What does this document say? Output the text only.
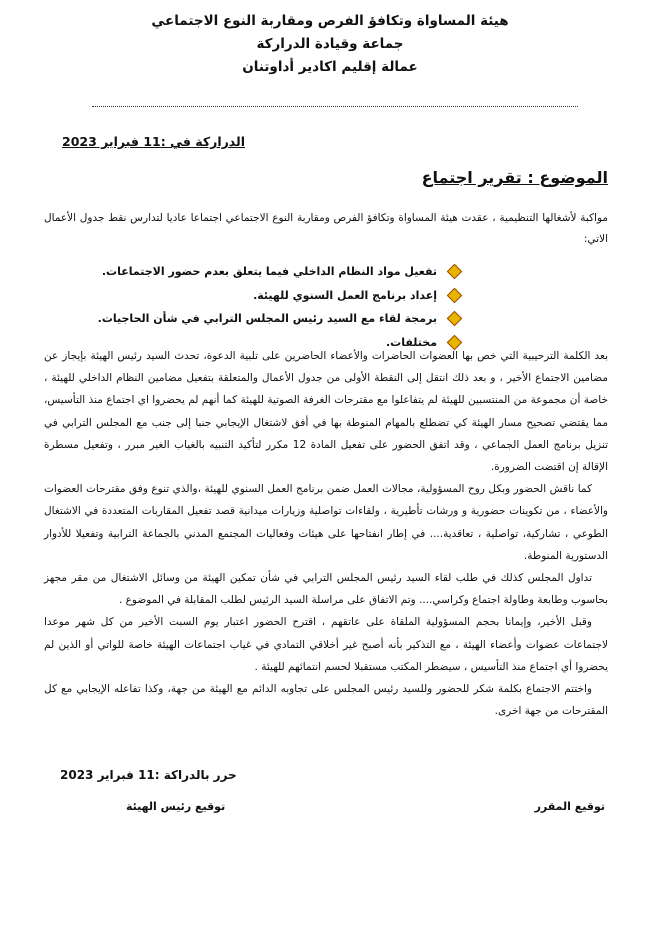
هيئة المساواة وتكافؤ الفرص ومقاربة النوع الاجتماعي
جماعة وقيادة الدراركة
عمالة إقليم اكادير أداوتنان
الدراركة في :11 فبراير 2023
الموضوع : تقرير اجتماع
مواكبة لأشغالها التنظيمية ، عقدت هيئة المساواة وتكافؤ الفرص ومقاربة النوع الاجتماعي اجتماعا عاديا لتدارس نقط جدول الأعمال الاتي:
تفعيل مواد النظام الداخلي فيما يتعلق بعدم حضور الاجتماعات.
إعداد برنامج العمل السنوي للهيئة.
برمجة لقاء مع السيد رئيس المجلس الترابي في شأن الحاجيات.
مختلفات.

بعد الكلمة الترحيبية التي خص بها العضوات الحاضرات والأعضاء الحاضرين على تلبية الدعوة، تحدث السيد رئيس الهيئة بإيجاز عن مضامين الاجتماع الأخير ، و بعد ذلك انتقل إلى النقطة الأولى من جدول الأعمال والمتعلقة بتفعيل مضامين النظام الداخلي للهيئة ، خاصة أن مجموعة من المنتسبين للهيئة لم يتفاعلوا مع مقترحات الغرفة الصوتية للهيئة كما أنهم لم يحضروا اي اجتماع منذ التأسيس، مما يقتضي تصحيح مسار الهيئة كي تضطلع بالمهام المنوطة بها في أفق لاشتغال الإيجابي جنبا إلى جنب مع المجلس الترابي في تنزيل برنامج العمل الجماعي ، وقد اتفق الحضور على تفعيل المادة 12 مكرر لتأكيد التنبيه بالغياب الغير مبرر ، وتفعيل مسطرة الإقالة إن اقتضت الضرورة.

كما ناقش الحضور وبكل روح المسؤولية، مجالات العمل ضمن برنامج العمل السنوي للهيئة ،والذي تنوع وفق مقترحات العضوات والأعضاء ، من تكوينات حضورية و ورشات تأطيرية ، ولقاءات تواصلية وزيارات ميدانية قصد تفعيل المقاربات المتعددة في الاشتغال الطوعي ، تشاركية، تواصلية ، تعاقدية.... في إطار انفتاحها على هيئات وفعاليات المجتمع المدني بالجماعة الترابية وتفعيلا للأدوار الدستورية المنوطة.

تداول المجلس كذلك في طلب لقاء السيد رئيس المجلس الترابي في شأن تمكين الهيئة من وسائل الاشتغال من مقر مجهز بحاسوب وطابعة وطاولة اجتماع وكراسي.... وتم الاتفاق على مراسلة السيد الرئيس لطلب المقابلة في الموضوع .

وقبل الأخير، وإيمانا بحجم المسؤولية الملقاة على عاتقهم ، اقترح الحضور اعتبار يوم السبت الأخير من كل شهر موعدا لاجتماعات عضوات وأعضاء الهيئة ، مع التذكير بأنه أصبح غير أخلاقي التمادي في غياب اجتماعات الهيئة خاصة للواتي أو الذين لم يحضروا أي اجتماع منذ التأسيس ، سيضطر المكتب مستقبلا لحسم انتمائهم للهيئة .

واختتم الاجتماع بكلمة شكر للحضور وللسيد رئيس المجلس على تجاوبه الدائم مع الهيئة من جهة، وكذا تفاعله الإيجابي مع كل المقترحات من جهة اخرى.

حرر بالدراكة :11 فبراير 2023
توقيع رئيس الهيئة	توقيع المقرر
